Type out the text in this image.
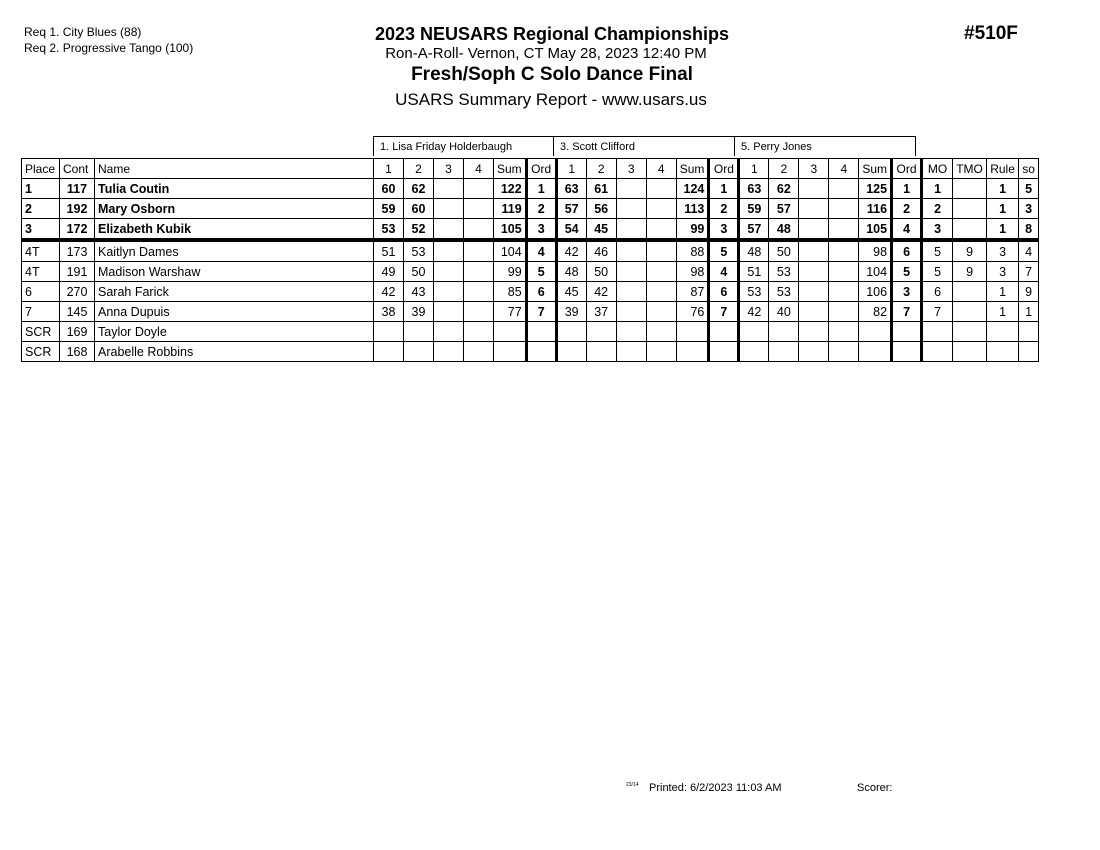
Req 1. City Blues (88)
Req 2. Progressive Tango (100)
2023 NEUSARS Regional Championships
Ron-A-Roll- Vernon, CT May 28, 2023 12:40 PM
Fresh/Soph C Solo Dance Final
USARS Summary Report - www.usars.us
#510F
1. Lisa Friday Holderbaugh	3. Scott Clifford	5. Perry Jones
Place	Cont	Name	1	2	3	4	Sum	Ord	1	2	3	4	Sum	Ord	1	2	3	4	Sum	Ord	MO	TMO	Rule	so
1	117	Tulia Coutin	60	62			122	1	63	61			124	1	63	62			125	1	1		1	5
2	192	Mary Osborn	59	60			119	2	57	56			113	2	59	57			116	2	2		1	3
3	172	Elizabeth Kubik	53	52			105	3	54	45			99	3	57	48			105	4	3		1	8
4T	173	Kaitlyn Dames	51	53			104	4	42	46			88	5	48	50			98	6	5	9	3	4
4T	191	Madison Warshaw	49	50			99	5	48	50			98	4	51	53			104	5	5	9	3	7
6	270	Sarah Farick	42	43			85	6	45	42			87	6	53	53			106	3	6		1	9
7	145	Anna Dupuis	38	39			77	7	39	37			76	7	42	40			82	7	7		1	1
SCR	169	Taylor Doyle																						
SCR	168	Arabelle Robbins																						
23/14 Printed: 6/2/2023 11:03 AM	Scorer:
